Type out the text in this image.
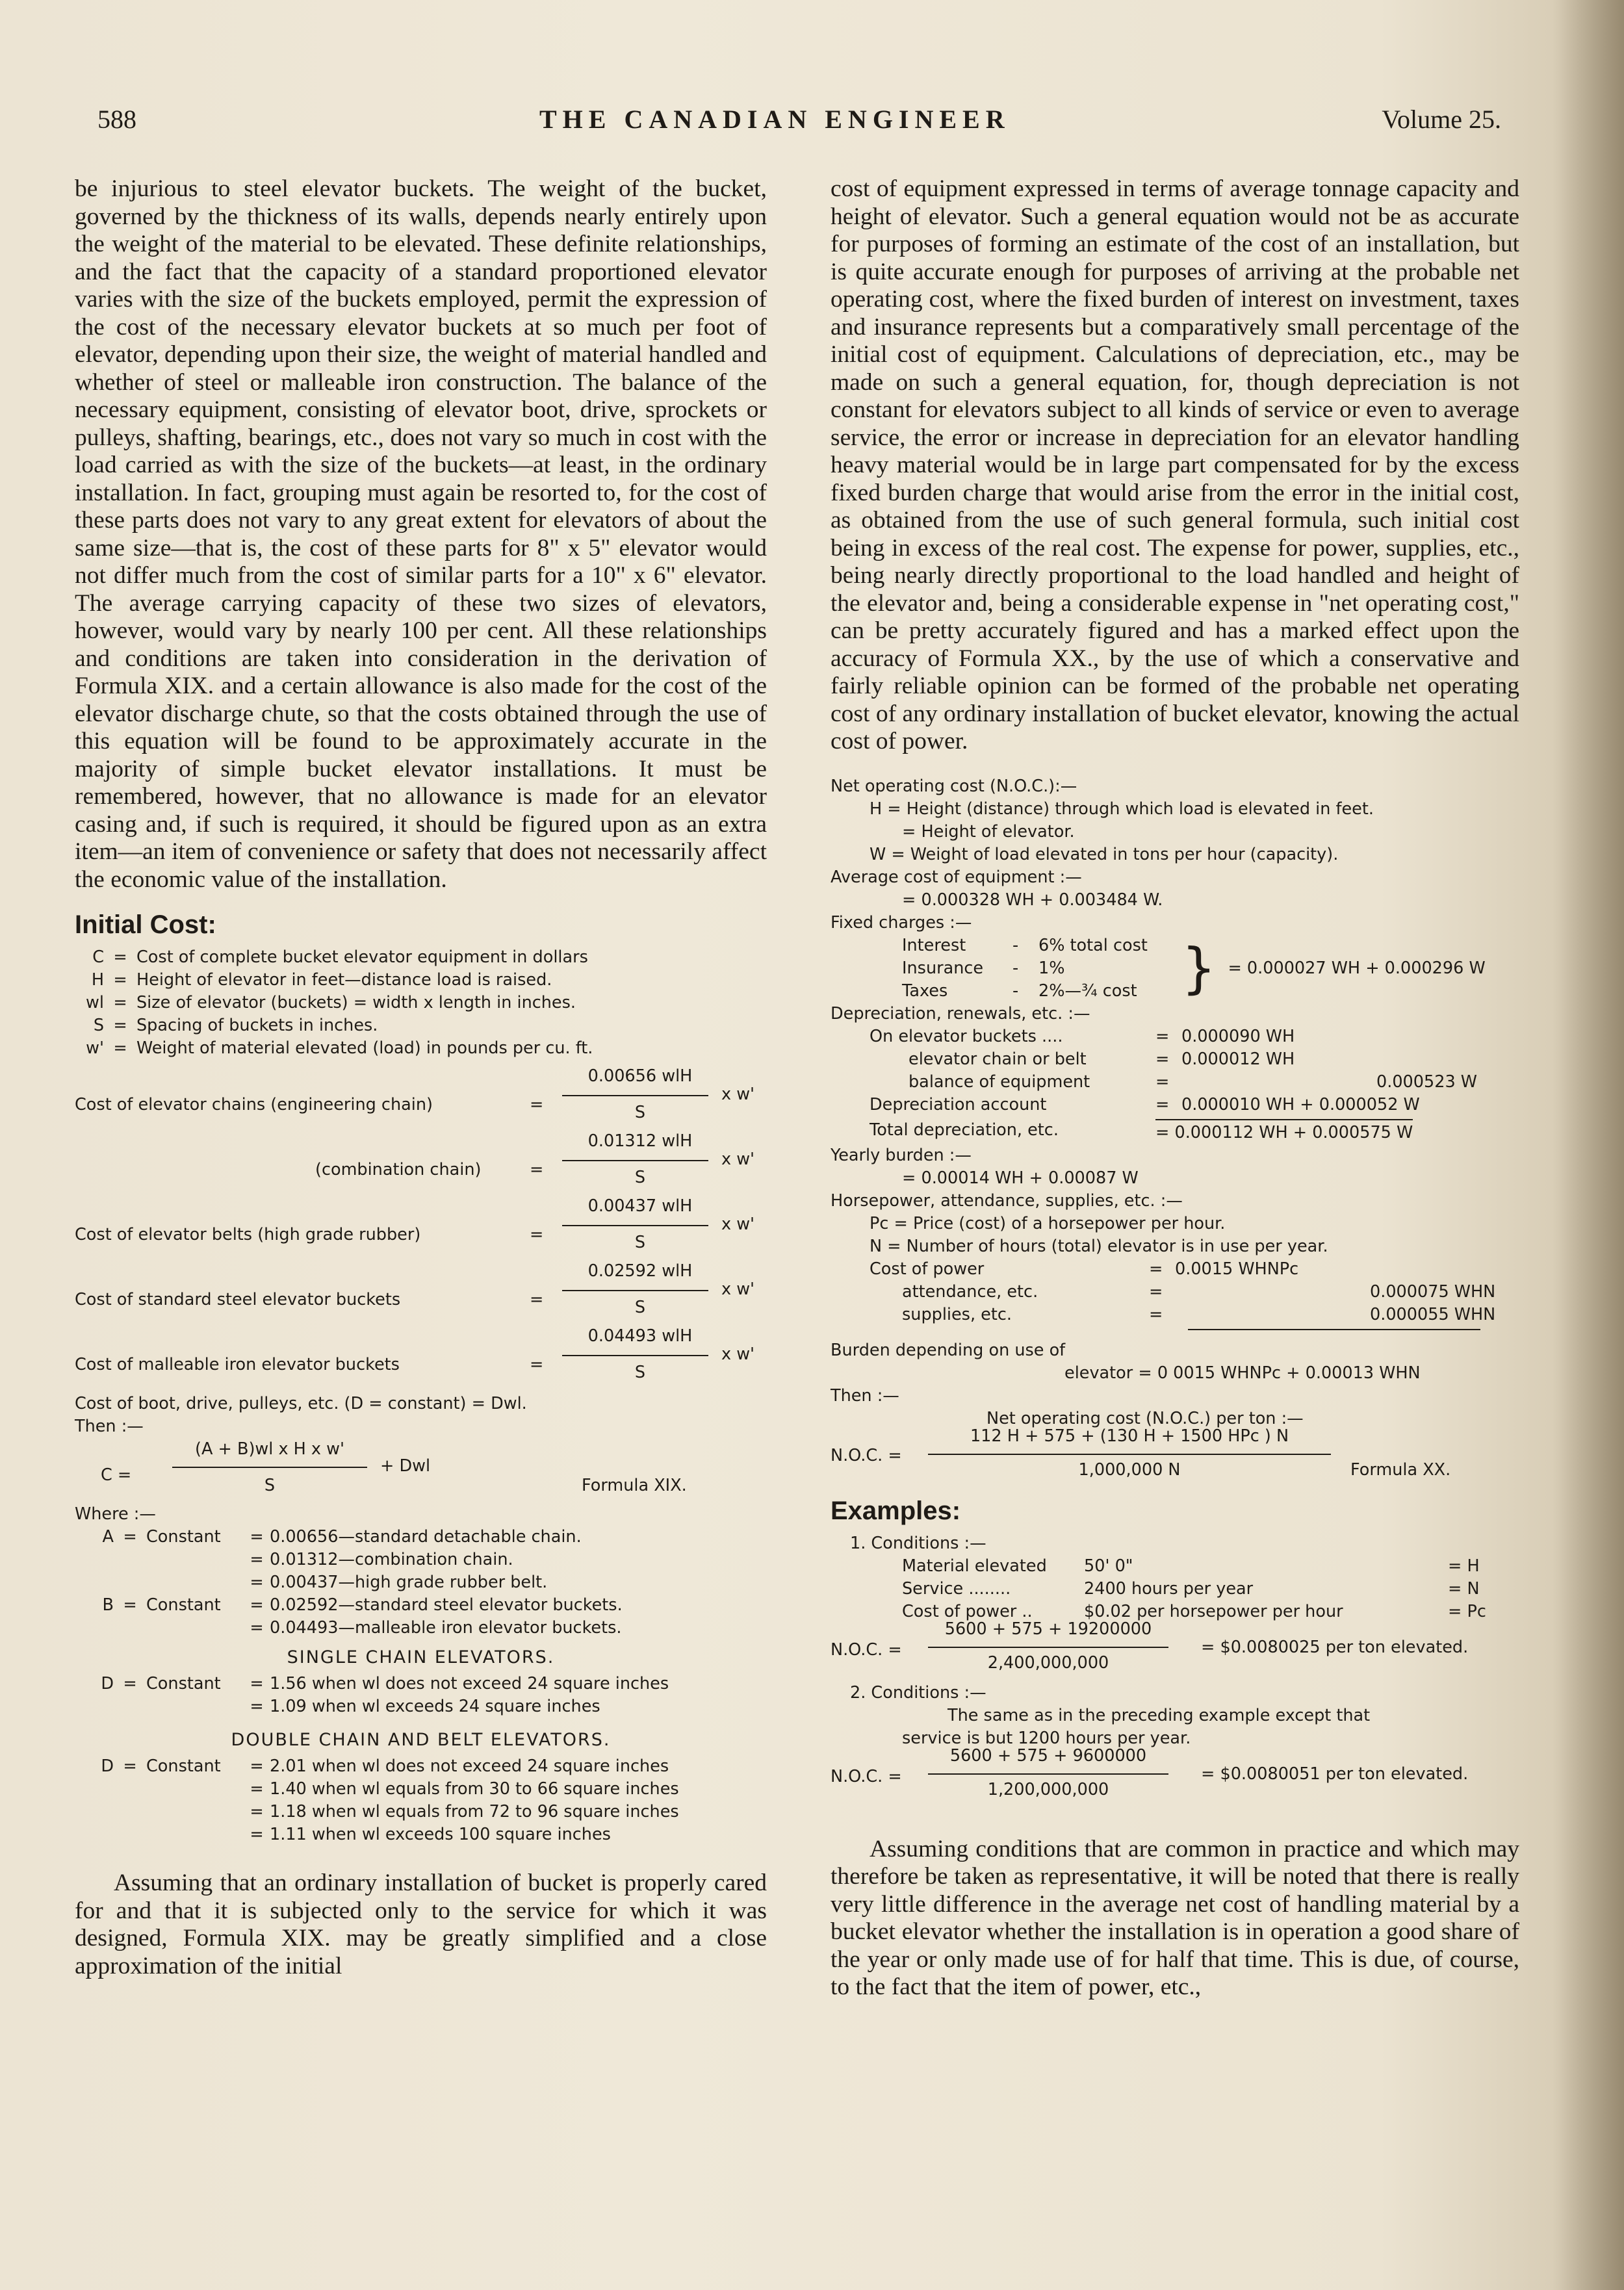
588	THE CANADIAN ENGINEER	Volume 25.

be injurious to steel elevator buckets. The weight of the bucket, governed by the thickness of its walls, depends nearly entirely upon the weight of the material to be elevated. These definite relationships, and the fact that the capacity of a standard proportioned elevator varies with the size of the buckets employed, permit the expression of the cost of the necessary elevator buckets at so much per foot of elevator, depending upon their size, the weight of material handled and whether of steel or malleable iron construction. The balance of the necessary equipment, consisting of elevator boot, drive, sprockets or pulleys, shafting, bearings, etc., does not vary so much in cost with the load carried as with the size of the buckets—at least, in the ordinary installation. In fact, grouping must again be resorted to, for the cost of these parts does not vary to any great extent for elevators of about the same size—that is, the cost of these parts for 8" x 5" elevator would not differ much from the cost of similar parts for a 10" x 6" elevator. The average carrying capacity of these two sizes of elevators, however, would vary by nearly 100 per cent. All these relationships and conditions are taken into consideration in the derivation of Formula XIX. and a certain allowance is also made for the cost of the elevator discharge chute, so that the costs obtained through the use of this equation will be found to be approximately accurate in the majority of simple bucket elevator installations. It must be remembered, however, that no allowance is made for an elevator casing and, if such is required, it should be figured upon as an extra item—an item of convenience or safety that does not necessarily affect the economic value of the installation.

Initial Cost:
C = Cost of complete bucket elevator equipment in dollars
H = Height of elevator in feet—distance load is raised.
wl = Size of elevator (buckets) = width x length in inches.
S = Spacing of buckets in inches.
w' = Weight of material elevated (load) in pounds per cu. ft.
Cost of elevator chains (engineering chain)	=
0.00656 wlH
S
x w'
(combination chain)	=
0.01312 wlH
S
x w'
Cost of elevator belts (high grade rubber)	=
0.00437 wlH
S
x w'
Cost of standard steel elevator buckets	=
0.02592 wlH
S
x w'
Cost of malleable iron elevator buckets	=
0.04493 wlH
S
x w'
Cost of boot, drive, pulleys, etc. (D = constant) = Dwl.
Then :—
C =
(A + B)wl x H x w'
S
+ Dwl
Formula XIX.
Where :—
A = Constant	= 0.00656—standard detachable chain.
= 0.01312—combination chain.
= 0.00437—high grade rubber belt.
B = Constant	= 0.02592—standard steel elevator buckets.
= 0.04493—malleable iron elevator buckets.
SINGLE CHAIN ELEVATORS.
D = Constant	= 1.56 when wl does not exceed 24 square inches
= 1.09 when wl exceeds 24 square inches
DOUBLE CHAIN AND BELT ELEVATORS.
D = Constant	= 2.01 when wl does not exceed 24 square inches
= 1.40 when wl equals from 30 to 66 square inches
= 1.18 when wl equals from 72 to 96 square inches
= 1.11 when wl exceeds 100 square inches

Assuming that an ordinary installation of bucket is properly cared for and that it is subjected only to the service for which it was designed, Formula XIX. may be greatly simplified and a close approximation of the initial

cost of equipment expressed in terms of average tonnage capacity and height of elevator. Such a general equation would not be as accurate for purposes of forming an estimate of the cost of an installation, but is quite accurate enough for purposes of arriving at the probable net operating cost, where the fixed burden of interest on investment, taxes and insurance represents but a comparatively small percentage of the initial cost of equipment. Calculations of depreciation, etc., may be made on such a general equation, for, though depreciation is not constant for elevators subject to all kinds of service or even to average service, the error or increase in depreciation for an elevator handling heavy material would be in large part compensated for by the excess fixed burden charge that would arise from the error in the initial cost, as obtained from the use of such general formula, such initial cost being in excess of the real cost. The expense for power, supplies, etc., being nearly directly proportional to the load handled and height of the elevator and, being a considerable expense in "net operating cost," can be pretty accurately figured and has a marked effect upon the accuracy of Formula XX., by the use of which a conservative and fairly reliable opinion can be formed of the probable net operating cost of any ordinary installation of bucket elevator, knowing the actual cost of power.

Net operating cost (N.O.C.):—
H = Height (distance) through which load is elevated in feet.
= Height of elevator.
W = Weight of load elevated in tons per hour (capacity).
Average cost of equipment :—
= 0.000328 WH + 0.003484 W.
Fixed charges :—
Interest	-	6% total cost
Insurance	-	1%
Taxes	-	2%—¾ cost } = 0.000027 WH + 0.000296 W
Depreciation, renewals, etc. :—
On elevator buckets ....	= 0.000090 WH
elevator chain or belt	= 0.000012 WH
balance of equipment	=	0.000523 W
Depreciation account	= 0.000010 WH + 0.000052 W
Total depreciation, etc.	= 0.000112 WH + 0.000575 W
Yearly burden :—
= 0.00014 WH + 0.00087 W
Horsepower, attendance, supplies, etc. :—
Pc = Price (cost) of a horsepower per hour.
N = Number of hours (total) elevator is in use per year.
Cost of power	= 0.0015 WHNPc
attendance, etc.	=	0.000075 WHN
supplies, etc.	=	0.000055 WHN
Burden depending on use of
elevator = 0 0015 WHNPc + 0.00013 WHN
Then :—
Net operating cost (N.O.C.) per ton :—
N.O.C. =
112 H + 575 + (130 H + 1500 HPc ) N
1,000,000 N	Formula XX.
Examples:
1. Conditions :—
Material elevated	50' 0"	= H
Service ........	2400 hours per year	= N
Cost of power ..	$0.02 per horsepower per hour	= Pc
N.O.C. =
5600 + 575 + 19200000
2,400,000,000
= $0.0080025 per ton elevated.
2. Conditions :—
The same as in the preceding example except that
service is but 1200 hours per year.
N.O.C. =
5600 + 575 + 9600000
1,200,000,000
= $0.0080051 per ton elevated.

Assuming conditions that are common in practice and which may therefore be taken as representative, it will be noted that there is really very little difference in the average net cost of handling material by a bucket elevator whether the installation is in operation a good share of the year or only made use of for half that time. This is due, of course, to the fact that the item of power, etc.,
